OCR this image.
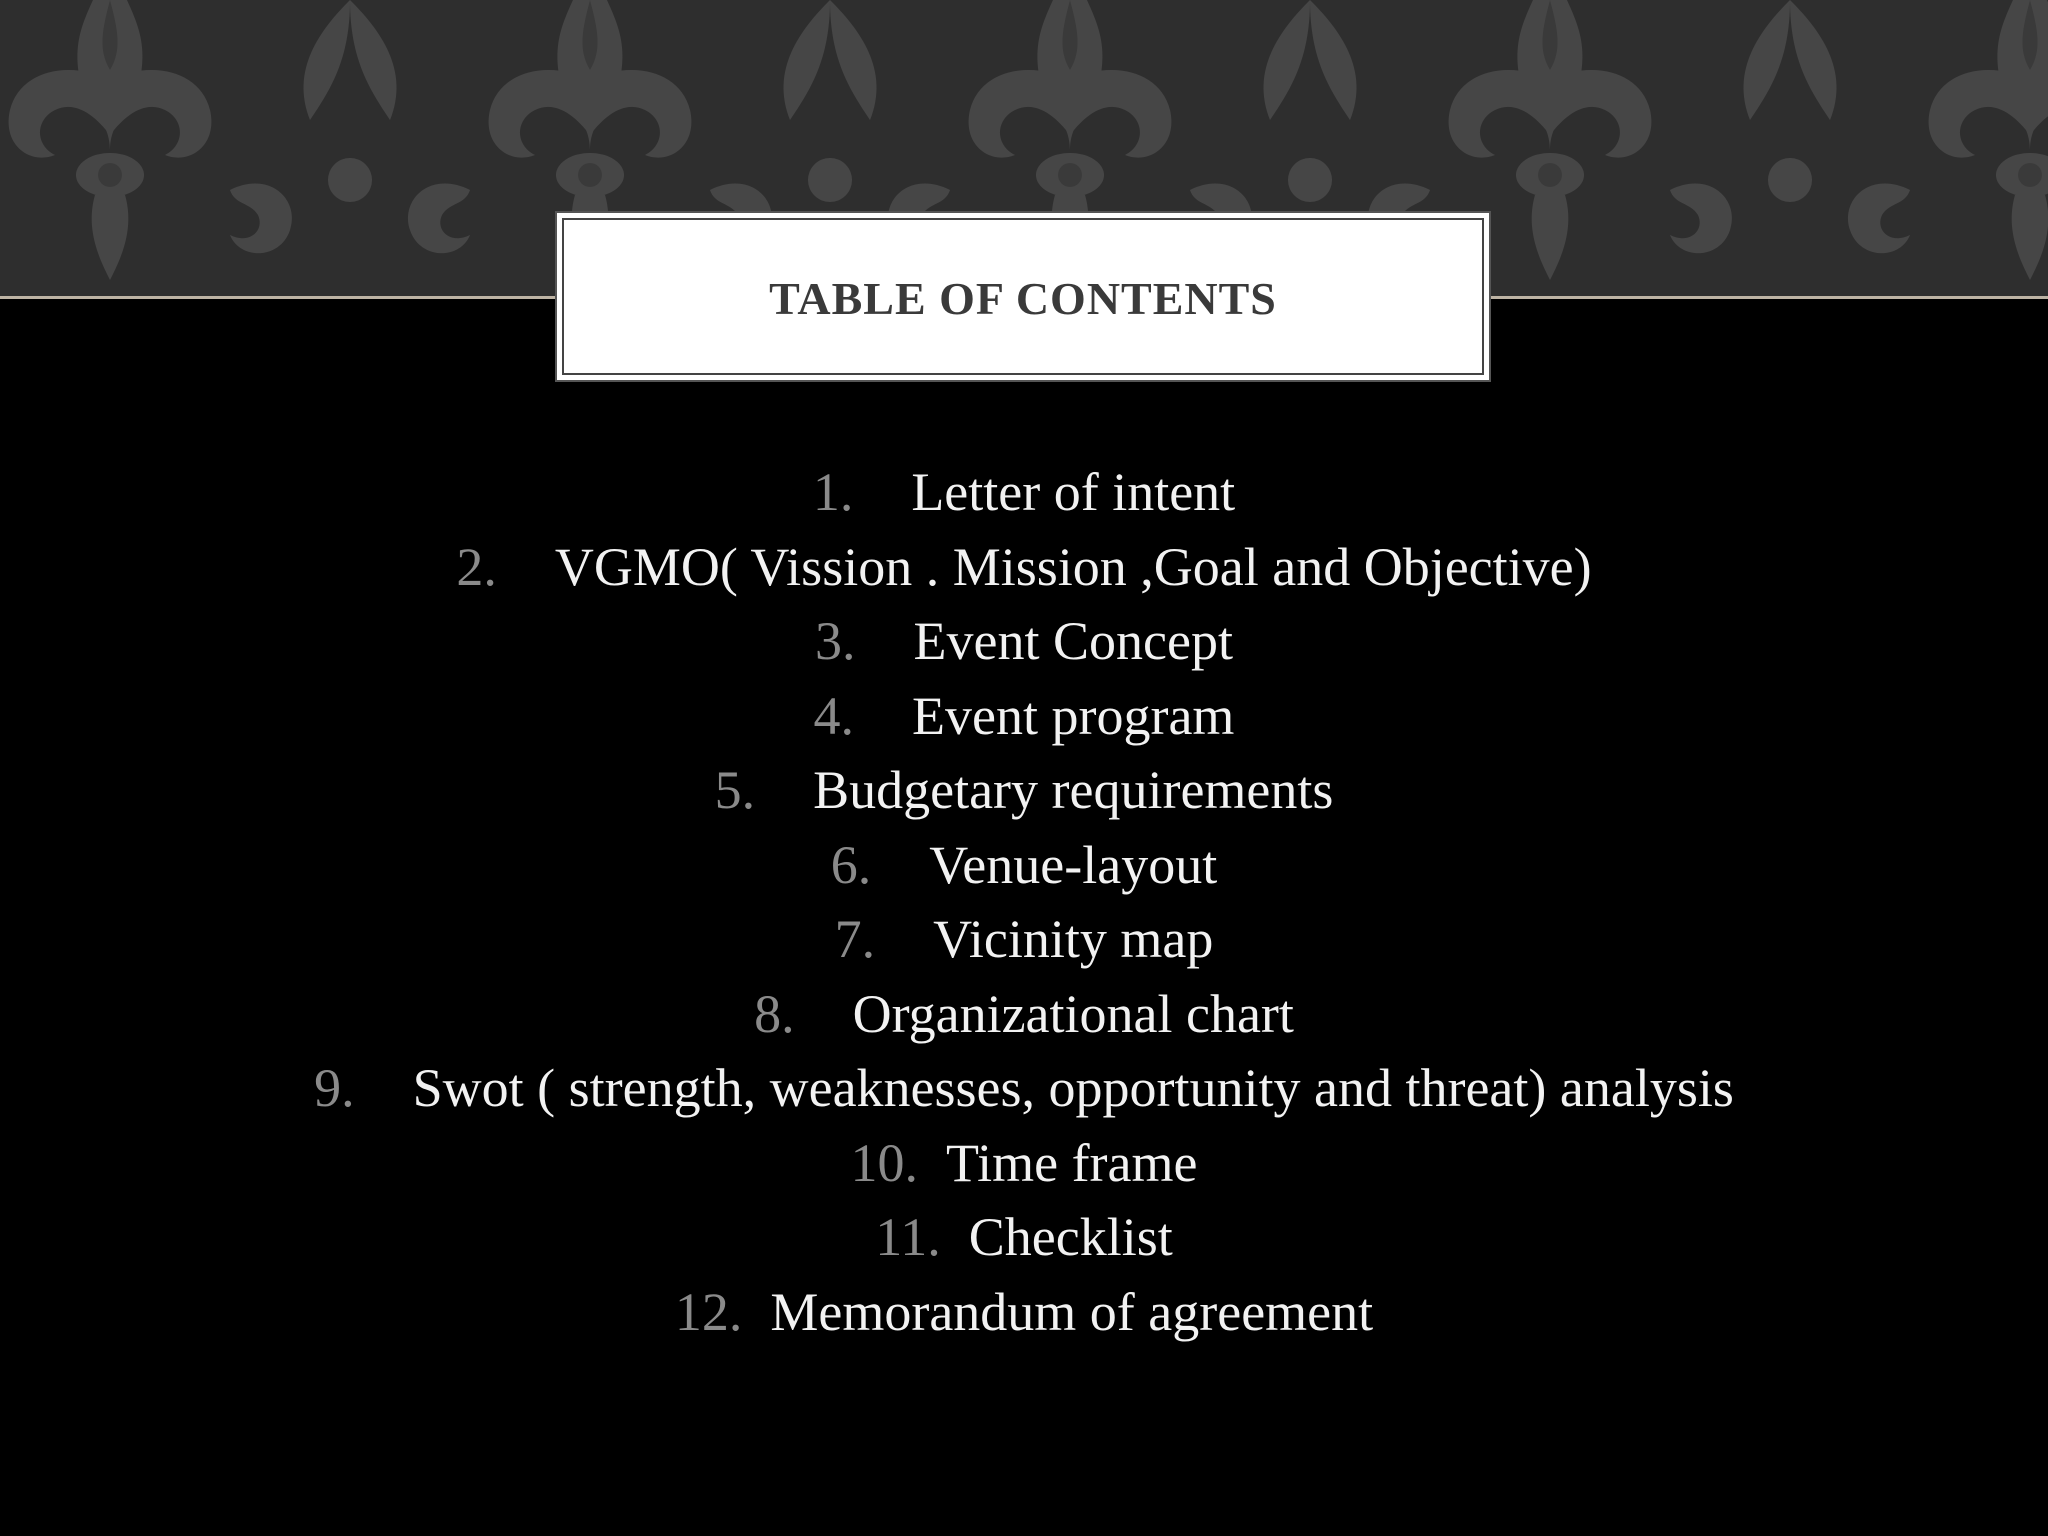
TABLE OF CONTENTS
1. Letter of intent
2. VGMO( Vission . Mission ,Goal and Objective)
3. Event Concept
4. Event program
5. Budgetary requirements
6. Venue-layout
7. Vicinity map
8. Organizational chart
9. Swot ( strength, weaknesses, opportunity and threat) analysis
10. Time frame
11. Checklist
12. Memorandum of agreement
